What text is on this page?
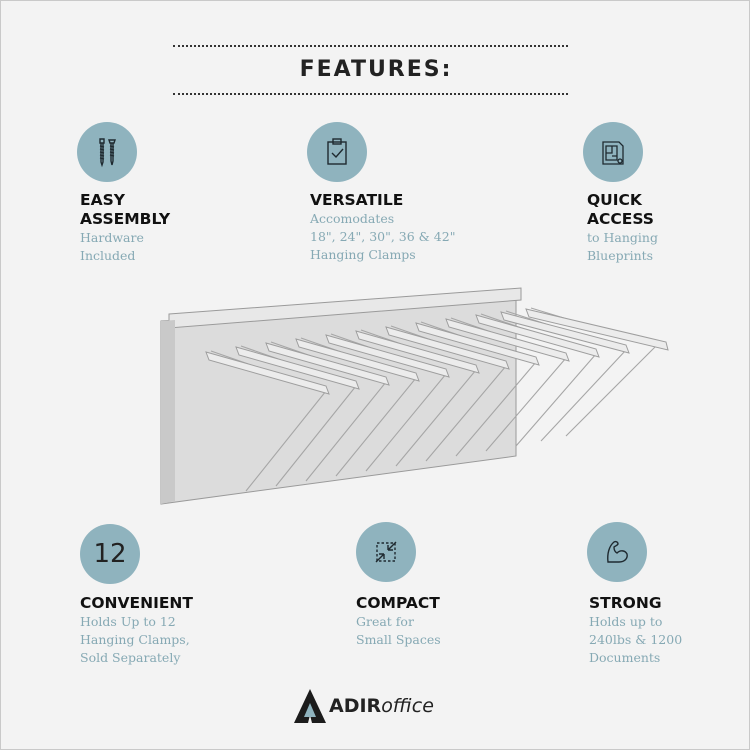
FEATURES:
EASY
ASSEMBLY
Hardware
Included
VERSATILE
Accomodates
18", 24", 30", 36 & 42"
Hanging Clamps
QUICK
ACCESS
to Hanging
Blueprints
12
CONVENIENT
Holds Up to 12
Hanging Clamps,
Sold Separately
COMPACT
Great for
Small Spaces
STRONG
Holds up to
240lbs & 1200
Documents
ADIRoffice
